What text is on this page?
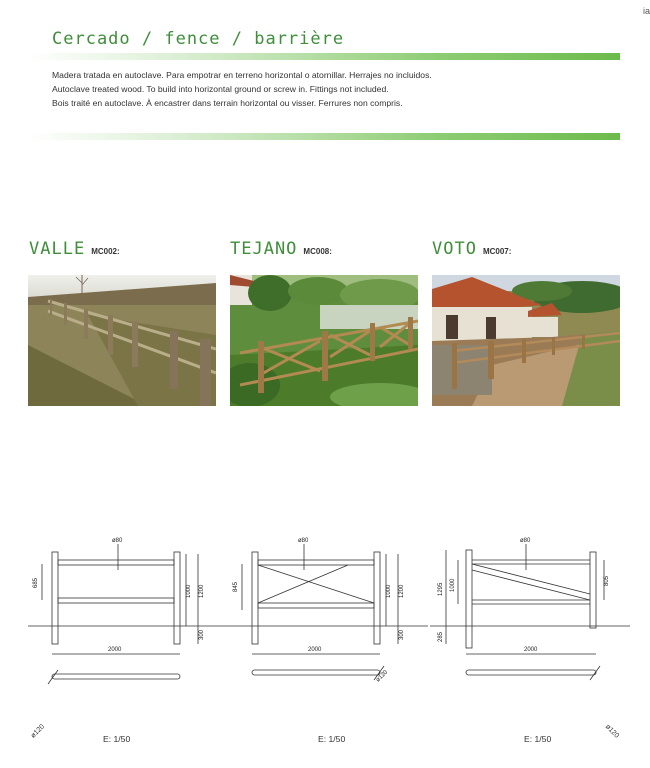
ia
Cercado / fence / barrière
Madera tratada en autoclave. Para empotrar en terreno horizontal o atornillar. Herrajes no incluidos.
Autoclave treated wood. To build into horizontal ground or screw in. Fittings not included.
Bois traité en autoclave. À encastrer dans terrain horizontal ou visser. Ferrures non compris.
VALLE MC002:	TEJANO MC008:	VOTO MC007:
ø80
685
1000 1200
300
2000
ø80
845	1000 1200
300
2000
ø120
ø80
1295 1000	805
285
2000
ø120	ø120
E: 1/50	E: 1/50	E: 1/50
